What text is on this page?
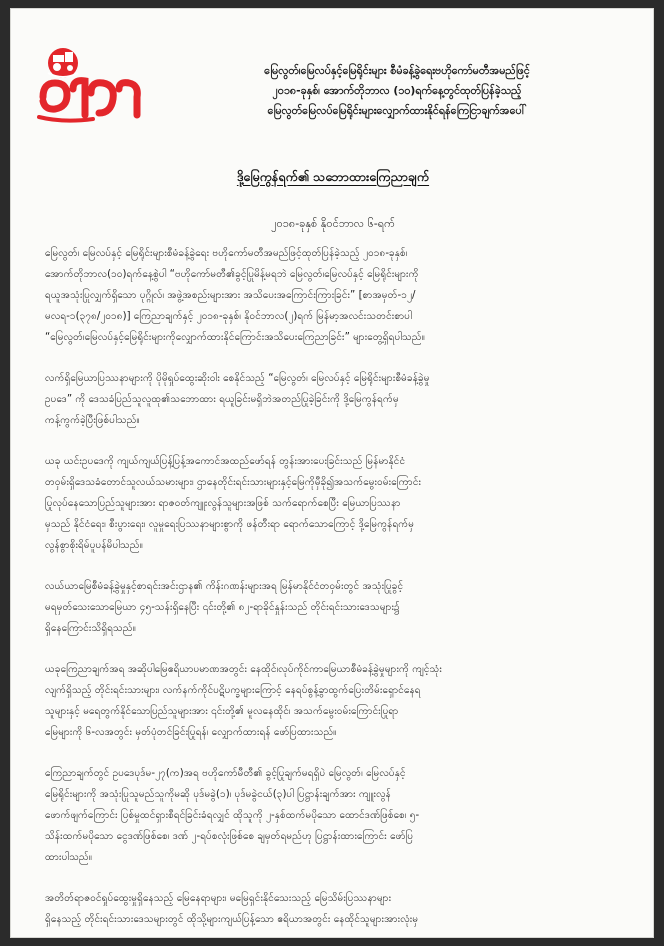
မြေလွတ်၊မြေလပ်နှင့်မြေရိုင်းများ စီမံခန့်ခွဲရေးဗဟိုကော်မတီအမည်ဖြင့်
၂၀၁၈-ခုနှစ်၊ အောက်တိုဘာလ (၁၀)ရက်နေ့တွင်ထုတ်ပြန်ခဲ့သည့်
မြေလွတ်မြေလပ်မြေရိုင်းများလျှောက်ထားနိုင်ရန်ကြေငြာချက်အပေါ်
ဒို့မြေကွန်ရက်၏ သဘောထားကြေညာချက်
၂၀၁၈-ခုနှစ် နိုဝင်ဘာလ ၆-ရက်

မြေလွတ်၊ မြေလပ်နှင့် မြေရိုင်းများစီမံခန့်ခွဲရေး ဗဟိုကော်မတီအမည်ဖြင့်ထုတ်ပြန်ခဲ့သည့် ၂၀၁၈-ခုနှစ်၊
အောက်တိုဘာလ(၁၀)ရက်နေ့စွဲပါ “ဗဟိုကော်မတီ၏ခွင့်ပြုမိန့်မရဘဲ မြေလွတ်၊မြေလပ်နှင့် မြေရိုင်းများကို
ရယူအသုံးပြုလျှက်ရှိသော ပုဂ္ဂိုလ်၊ အဖွဲ့အစည်းများအား အသိပေးအကြောင်းကြားခြင်း” [စာအမှတ်-၁၂/
မလရ-၁(၃၇၈/၂၀၁၈)] ကြေညာချက်နှင့် ၂၀၁၈-ခုနှစ်၊ နိုဝင်ဘာလ(၂)ရက် မြန်မာ့အလင်းသတင်းစာပါ
“မြေလွတ်၊မြေလပ်နှင့်မြေရိုင်းများကိုလျှောက်ထားနိုင်ကြောင်းအသိပေးကြေညာခြင်း” များတွေ့ရှိရပါသည်။

လက်ရှိမြေယာပြဿနာများကို ပိုမိုရှုပ်ထွေးဆိုးဝါး စေနိုင်သည့် “မြေလွတ်၊ မြေလပ်နှင့် မြေရိုင်းများစီမံခန့်ခွဲမှု
ဥပဒေ” ကို ဒေသခံပြည်သူလူထု၏သဘောထား ရယူခြင်းမရှိဘဲအတည်ပြုခဲ့ခြင်းကို ဒို့မြေကွန်ရက်မှ
ကန့်ကွက်ခဲ့ပြီးဖြစ်ပါသည်။

ယခု ယင်းဥပဒေကို ကျယ်ကျယ်ပြန့်ပြန့်အကောင်အထည်ဖော်ရန် တွန်းအားပေးခြင်းသည် မြန်မာနိုင်ငံ
တဝှမ်းရှိဒေသခံတောင်သူလယ်သမားများ၊ ဌာနေတိုင်းရင်းသားများနှင့်မြေကိုမှီခို၍အသက်မွေးဝမ်းကြောင်း
ပြုလုပ်နေသောပြည်သူများအား ရာဇဝတ်ကျူးလွန်သူများအဖြစ် သက်ရောက်စေပြီး မြေယာပြဿနာ
မှသည် နိုင်ငံရေး၊ စီးပွားရေး၊ လူမှုရေးပြဿနာများစွာကို ဖန်တီးရာ ရောက်သောကြောင့် ဒို့မြေကွန်ရက်မှ
လွန်စွာစိုးရိမ်ပူပန်မိပါသည်။

လယ်ယာမြေစီမံခန့်ခွဲမှုနှင့်စာရင်းအင်းဌာန၏ ကိန်းဂဏန်းများအရ မြန်မာနိုင်ငံတဝှမ်းတွင် အသုံးပြုခွင့်
မရမှတ်သေးသောမြေယာ ၄၅-သန်းရှိနေပြီး ၎င်းတို့၏ ၈၂-ရာခိုင်နှုန်းသည် တိုင်းရင်းသားဒေသများ၌
ရှိနေကြောင်းသိရှိရသည်။

ယခုကြေညာချက်အရ အဆိုပါမြေဧရိယာပမာဏအတွင်း နေထိုင်၊လုပ်ကိုင်ကာမြေယာစီမံခန့်ခွဲမှုများကို ကျင့်သုံး
လျက်ရှိသည့် တိုင်းရင်းသားများ၊ လက်နက်ကိုင်ပဋိပက္ခများကြောင့် နေရပ်စွန့်ခွာထွက်ပြေးတိမ်းရှောင်နေရ
သူများနှင့် မရေတွက်နိုင်သောပြည်သူများအား ၎င်းတို့၏ မူလနေထိုင်၊ အသက်မွေးဝမ်းကြောင်းပြုရာ
မြေများကို ၆-လအတွင်း မှတ်ပုံတင်ခြင်းပြုရန်၊ လျှောက်ထားရန် ဖော်ပြထားသည်။

ကြေညာချက်တွင် ဥပဒေပုဒ်မ-၂၇(က)အရ ဗဟိုကော်မီတီ၏ ခွင့်ပြုချက်မရရှိပဲ မြေလွတ်၊ မြေလပ်နှင့်
မြေရိုင်းများကို အသုံးပြုသူမည်သူကိုမဆို ပုဒ်မခွဲ(၁)၊ ပုဒ်မခွဲငယ်(၃)ပါ ပြဋ္ဌာန်းချက်အား ကျူးလွန်
ဖောက်ဖျက်ကြောင်း ပြစ်မှုထင်ရှားစီရင်ခြင်းခံရလျှင် ထိုသူကို ၂-နှစ်ထက်မပိုသော ထောင်ဒဏ်ဖြစ်စေ၊ ၅-
သိန်းထက်မပိုသော ငွေဒဏ်ဖြစ်စေ၊ ဒဏ် ၂-ရပ်စလုံးဖြစ်စေ ချမှတ်ရမည်ဟု ပြဋ္ဌာန်းထားကြောင်း ဖော်ပြ
ထားပါသည်။

အတိတ်ရာဇဝင်ရှုပ်ထွေးမှုရှိနေသည့် မြေနေရာများ၊ မမြေရှင်းနိုင်သေးသည့် မြေသိမ်းပြဿနာများ
ရှိနေသည့် တိုင်းရင်းသားဒေသများတွင် ထိုသို့များကျယ်ပြန့်သော ဧရိယာအတွင်း နေထိုင်သူများအားလုံးမှ
